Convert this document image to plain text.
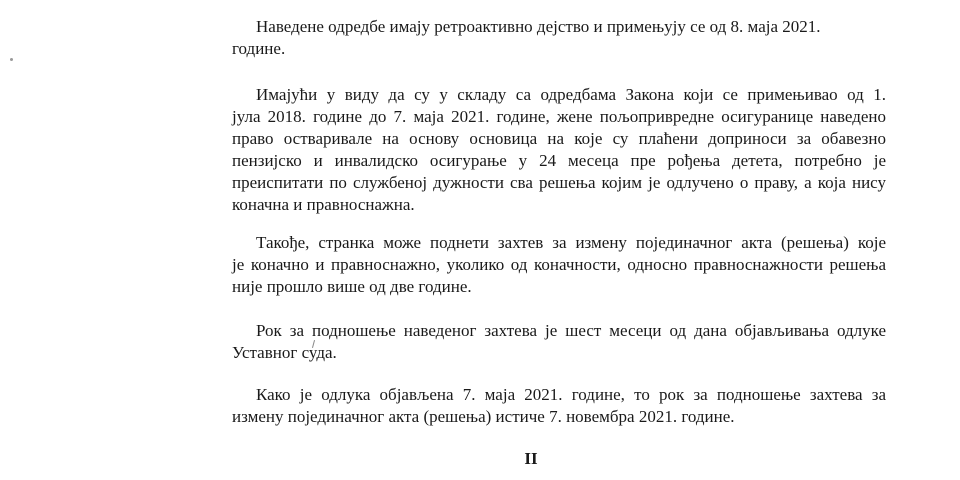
Наведене одредбе имају ретроактивно дејство и примењују се од 8. маја 2021.
године.
Имајући у виду да су у складу са одредбама Закона који се примењивао од 1.
јула 2018. године до 7. маја 2021. године, жене пољопривредне осигуранице наведено
право остваривале на основу основица на које су плаћени доприноси за обавезно
пензијско и инвалидско осигурање у 24 месеца пре рођења детета, потребно је
преиспитати по службеној дужности сва решења којим је одлучено о праву, а која нису
коначна и правноснажна.
Такође, странка може поднети захтев за измену појединачног акта (решења) које
је коначно и правноснажно, уколико од коначности, односно правноснажности решења
није прошло више од две године.
Рок за подношење наведеног захтева је шест месеци од дана објављивања одлуке
Уставног суда.
Како је одлука објављена 7. маја 2021. године, то рок за подношење захтева за
измену појединачног акта (решења) истиче 7. новембра 2021. године.
II
